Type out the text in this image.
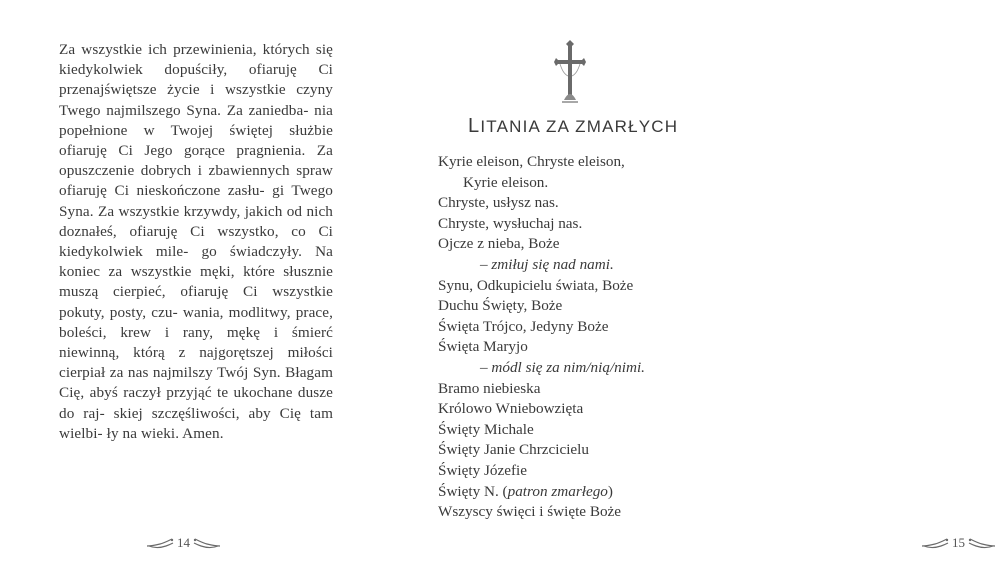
Za wszystkie ich przewinienia, których się kiedykolwiek dopuściły, ofiaruję Ci przenajświętsze życie i wszystkie czyny Twego najmilszego Syna. Za zaniedba- nia popełnione w Twojej świętej służbie ofiaruję Ci Jego gorące pragnienia. Za opuszczenie dobrych i zbawiennych spraw ofiaruję Ci nieskończone zasłu- gi Twego Syna. Za wszystkie krzywdy, jakich od nich doznałeś, ofiaruję Ci wszystko, co Ci kiedykolwiek mile- go świadczyły. Na koniec za wszystkie męki, które słusznie muszą cierpieć, ofiaruję Ci wszystkie pokuty, posty, czu- wania, modlitwy, prace, boleści, krew i rany, mękę i śmierć niewinną, którą z najgorętszej miłości cierpiał za nas najmilszy Twój Syn. Błagam Cię, abyś raczył przyjąć te ukochane dusze do raj- skiej szczęśliwości, aby Cię tam wielbi- ły na wieki. Amen.

14
LITANIA ZA ZMARŁYCH
Kyrie eleison, Chryste eleison,
Kyrie eleison.
Chryste, usłysz nas.
Chryste, wysłuchaj nas.
Ojcze z nieba, Boże
– zmiłuj się nad nami.
Synu, Odkupicielu świata, Boże
Duchu Święty, Boże
Święta Trójco, Jedyny Boże
Święta Maryjo
– módl się za nim/nią/nimi.
Bramo niebieska
Królowo Wniebowzięta
Święty Michale
Święty Janie Chrzcicielu
Święty Józefie
Święty N. (patron zmarłego)
Wszyscy święci i święte Boże
15
